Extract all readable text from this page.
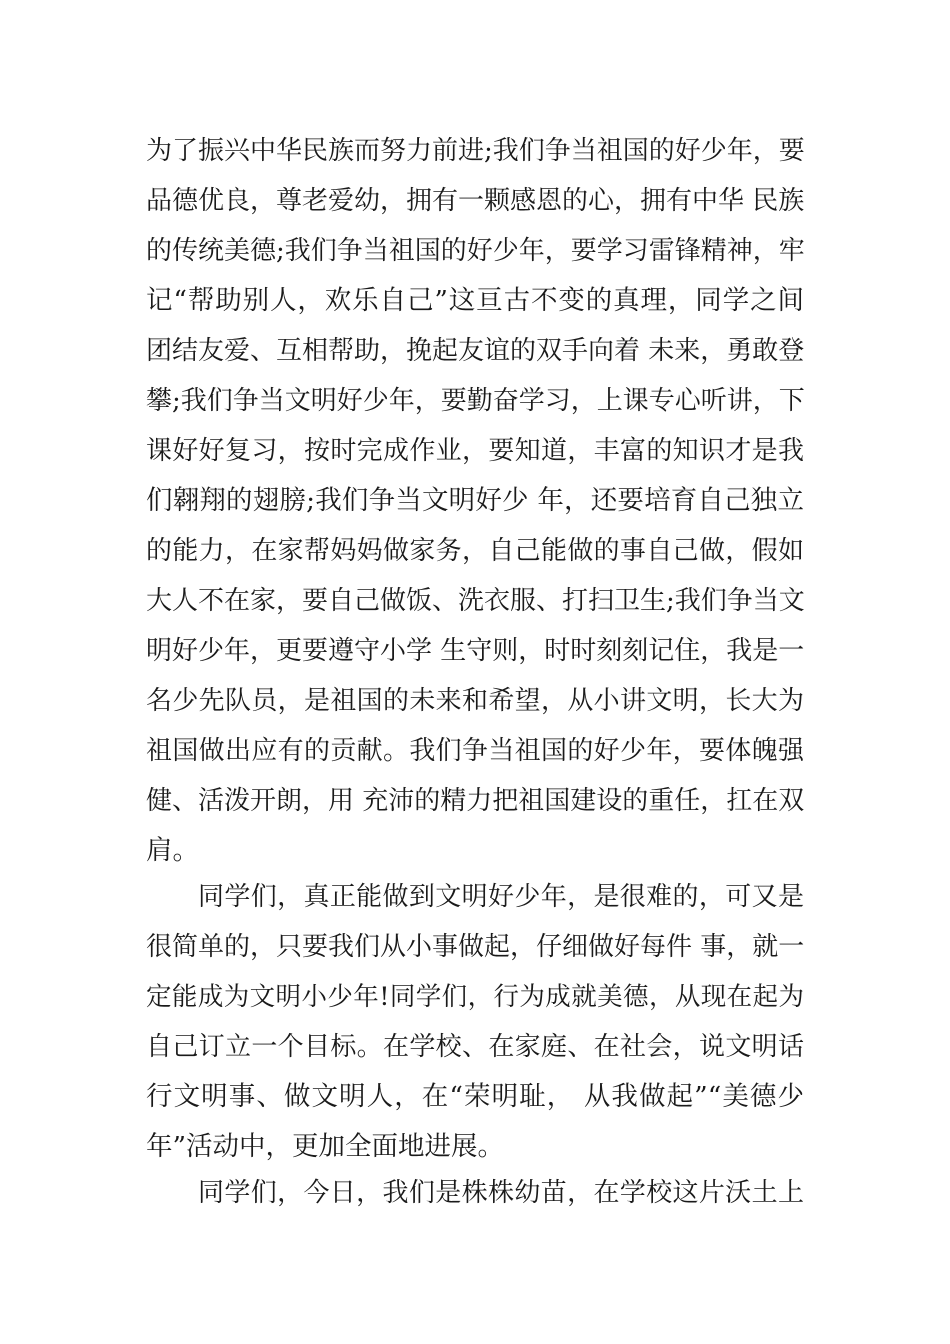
为了振兴中华民族而努力前进;我们争当祖国的好少年，要
品德优良，尊老爱幼，拥有一颗感恩的心，拥有中华 民族
的传统美德;我们争当祖国的好少年，要学习雷锋精神，牢
记“帮助别人，欢乐自己”这亘古不变的真理，同学之间
团结友爱、互相帮助，挽起友谊的双手向着 未来，勇敢登
攀;我们争当文明好少年，要勤奋学习，上课专心听讲，下
课好好复习，按时完成作业，要知道，丰富的知识才是我
们翱翔的翅膀;我们争当文明好少 年，还要培育自己独立
的能力，在家帮妈妈做家务，自己能做的事自己做，假如
大人不在家，要自己做饭、洗衣服、打扫卫生;我们争当文
明好少年，更要遵守小学 生守则，时时刻刻记住，我是一
名少先队员，是祖国的未来和希望，从小讲文明，长大为
祖国做出应有的贡献。我们争当祖国的好少年，要体魄强
健、活泼开朗，用 充沛的精力把祖国建设的重任，扛在双
肩。
同学们，真正能做到文明好少年，是很难的，可又是
很简单的，只要我们从小事做起，仔细做好每件 事，就一
定能成为文明小少年!同学们，行为成就美德，从现在起为
自己订立一个目标。在学校、在家庭、在社会，说文明话
行文明事、做文明人，在“荣明耻， 从我做起”“美德少
年”活动中，更加全面地进展。
同学们，今日，我们是株株幼苗，在学校这片沃土上
